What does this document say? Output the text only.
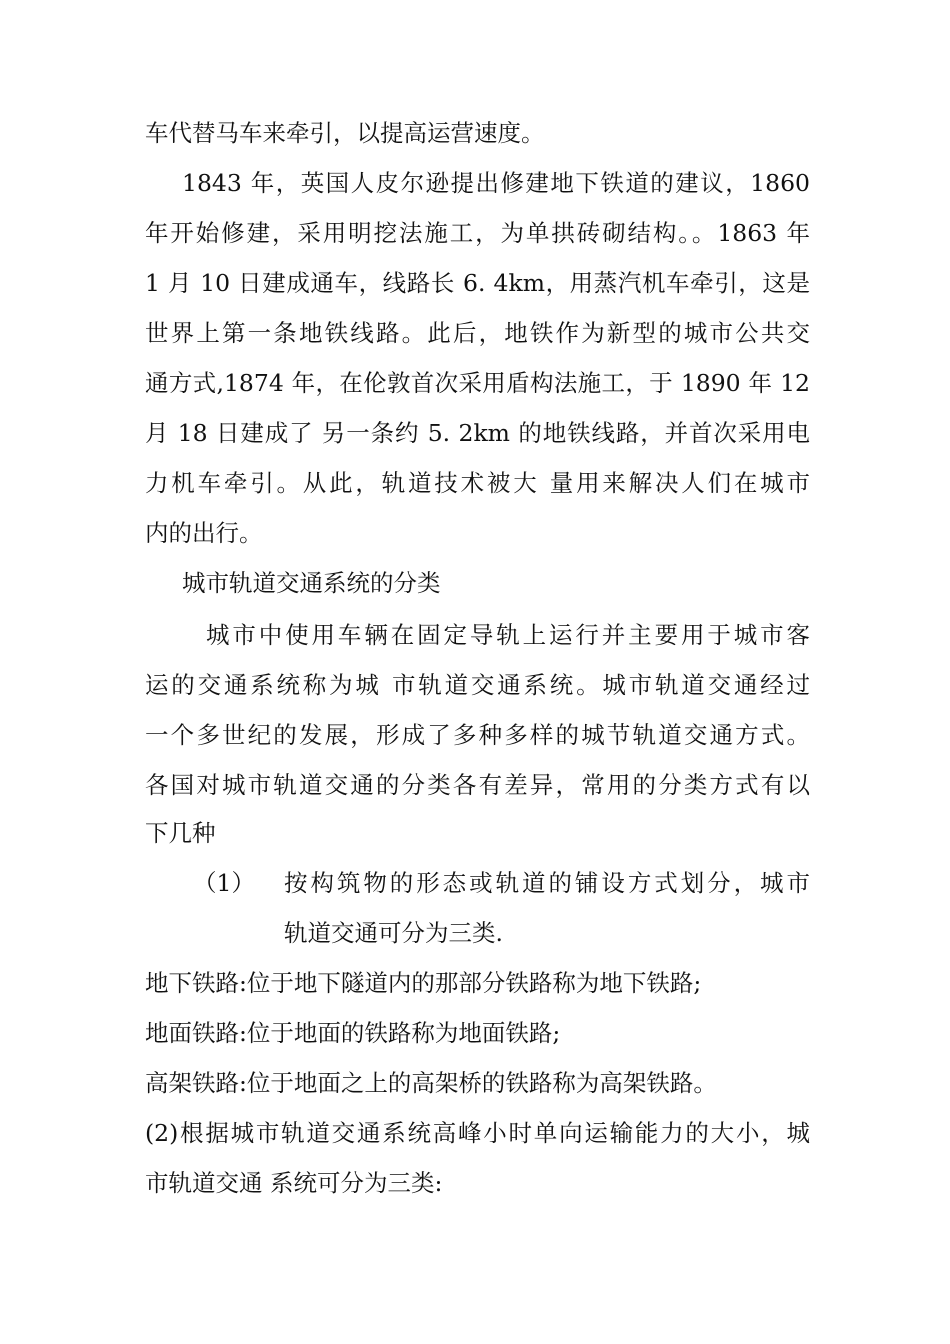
车代替马车来牵引，以提高运营速度。
1843 年，英国人皮尔逊提出修建地下铁道的建议，1860
年开始修建，采用明挖法施工，为单拱砖砌结构。。1863 年
1 月 10 日建成通车，线路长 6. 4km，用蒸汽机车牵引，这是
世界上第一条地铁线路。此后，地铁作为新型的城市公共交
通方式,1874 年，在伦敦首次采用盾构法施工，于 1890 年 12
月 18 日建成了 另一条约 5. 2km 的地铁线路，并首次采用电
力机车牵引。从此，轨道技术被大 量用来解决人们在城市
内的出行。
城市轨道交通系统的分类
城市中使用车辆在固定导轨上运行并主要用于城市客
运的交通系统称为城 市轨道交通系统。城市轨道交通经过
一个多世纪的发展，形成了多种多样的城节轨道交通方式。
各国对城市轨道交通的分类各有差异，常用的分类方式有以
下几种
（1） 按构筑物的形态或轨道的铺设方式划分，城市
轨道交通可分为三类.
地下铁路:位于地下隧道内的那部分铁路称为地下铁路;
地面铁路:位于地面的铁路称为地面铁路;
高架铁路:位于地面之上的高架桥的铁路称为高架铁路。
(2)根据城市轨道交通系统高峰小时单向运输能力的大小，城
市轨道交通 系统可分为三类:
